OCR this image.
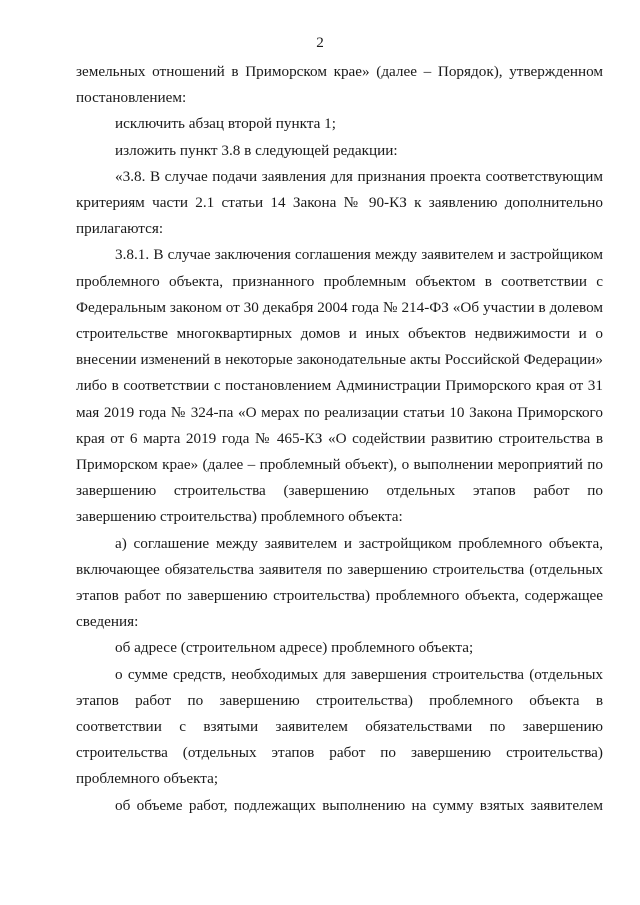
2

земельных отношений в Приморском крае» (далее – Порядок), утвержденном постановлением:

исключить абзац второй пункта 1;

изложить пункт 3.8 в следующей редакции:

«3.8. В случае подачи заявления для признания проекта соответствующим критериям части 2.1 статьи 14 Закона № 90-КЗ к заявлению дополнительно прилагаются:

3.8.1. В случае заключения соглашения между заявителем и застройщиком проблемного объекта, признанного проблемным объектом в соответствии с Федеральным законом от 30 декабря 2004 года № 214-ФЗ «Об участии в долевом строительстве многоквартирных домов и иных объектов недвижимости и о внесении изменений в некоторые законодательные акты Российской Федерации» либо в соответствии с постановлением Администрации Приморского края от 31 мая 2019 года № 324-па «О мерах по реализации статьи 10 Закона Приморского края от 6 марта 2019 года № 465-КЗ «О содействии развитию строительства в Приморском крае» (далее – проблемный объект), о выполнении мероприятий по завершению строительства (завершению отдельных этапов работ по завершению строительства) проблемного объекта:

а) соглашение между заявителем и застройщиком проблемного объекта, включающее обязательства заявителя по завершению строительства (отдельных этапов работ по завершению строительства) проблемного объекта, содержащее сведения:

об адресе (строительном адресе) проблемного объекта;

о сумме средств, необходимых для завершения строительства (отдельных этапов работ по завершению строительства) проблемного объекта в соответствии с взятыми заявителем обязательствами по завершению строительства (отдельных этапов работ по завершению строительства) проблемного объекта;

об объеме работ, подлежащих выполнению на сумму взятых заявителем
